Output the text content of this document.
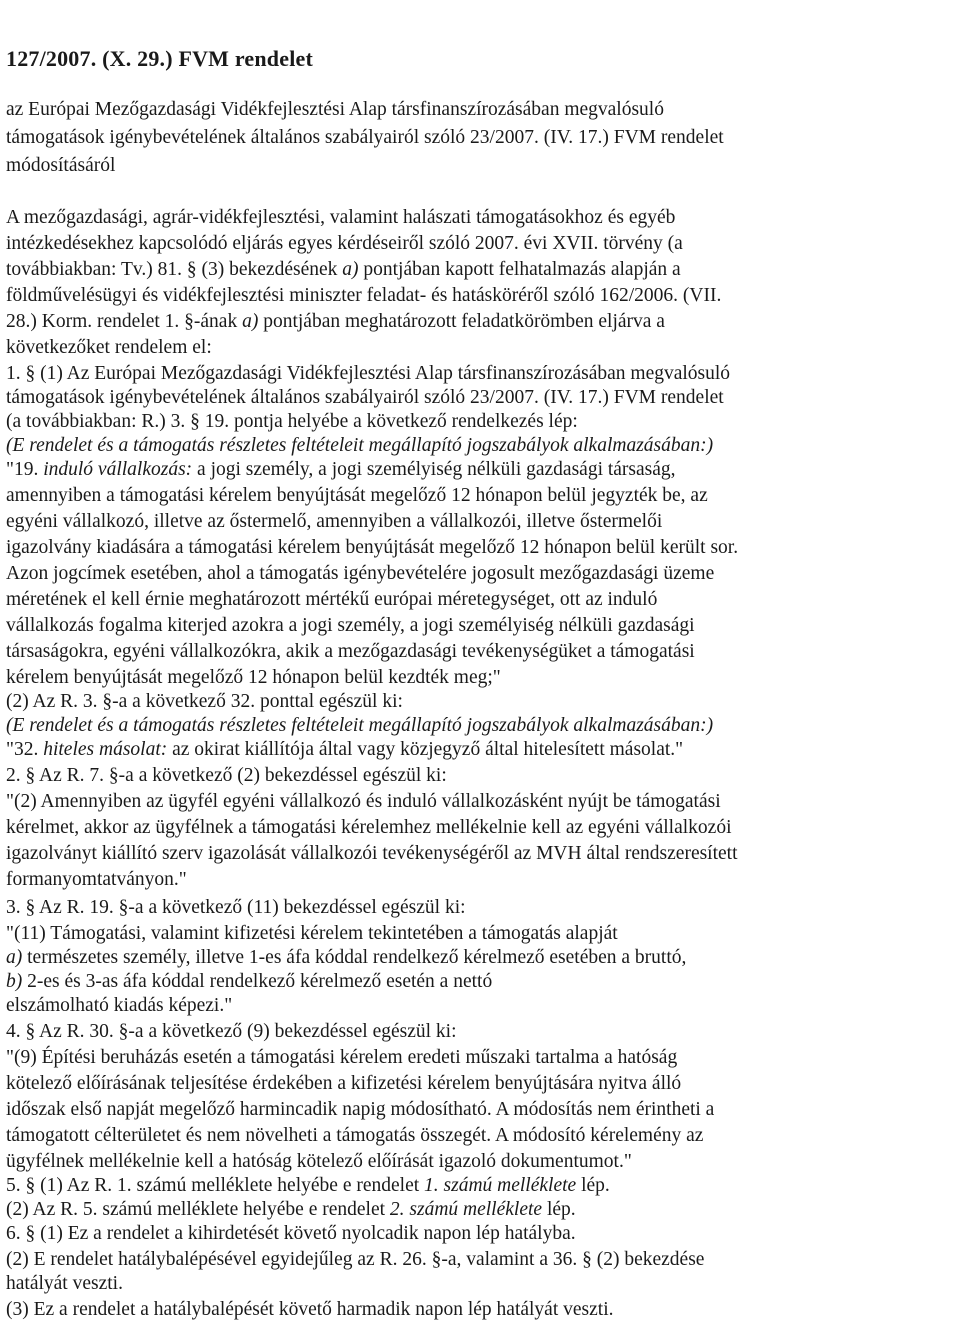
127/2007. (X. 29.) FVM rendelet

az Európai Mezőgazdasági Vidékfejlesztési Alap társfinanszírozásában megvalósuló

támogatások igénybevételének általános szabályairól szóló 23/2007. (IV. 17.) FVM rendelet

módosításáról

A mezőgazdasági, agrár-vidékfejlesztési, valamint halászati támogatásokhoz és egyéb

intézkedésekhez kapcsolódó eljárás egyes kérdéseiről szóló 2007. évi XVII. törvény (a

továbbiakban: Tv.) 81. § (3) bekezdésének a) pontjában kapott felhatalmazás alapján a

földművelésügyi és vidékfejlesztési miniszter feladat- és hatásköréről szóló 162/2006. (VII.

28.) Korm. rendelet 1. §-ának a) pontjában meghatározott feladatkörömben eljárva a

következőket rendelem el:

1. § (1) Az Európai Mezőgazdasági Vidékfejlesztési Alap társfinanszírozásában megvalósuló

támogatások igénybevételének általános szabályairól szóló 23/2007. (IV. 17.) FVM rendelet

(a továbbiakban: R.) 3. § 19. pontja helyébe a következő rendelkezés lép:

(E rendelet és a támogatás részletes feltételeit megállapító jogszabályok alkalmazásában:)

"19. induló vállalkozás: a jogi személy, a jogi személyiség nélküli gazdasági társaság,

amennyiben a támogatási kérelem benyújtását megelőző 12 hónapon belül jegyzték be, az

egyéni vállalkozó, illetve az őstermelő, amennyiben a vállalkozói, illetve őstermelői

igazolvány kiadására a támogatási kérelem benyújtását megelőző 12 hónapon belül került sor.

Azon jogcímek esetében, ahol a támogatás igénybevételére jogosult mezőgazdasági üzeme

méretének el kell érnie meghatározott mértékű európai méretegységet, ott az induló

vállalkozás fogalma kiterjed azokra a jogi személy, a jogi személyiség nélküli gazdasági

társaságokra, egyéni vállalkozókra, akik a mezőgazdasági tevékenységüket a támogatási

kérelem benyújtását megelőző 12 hónapon belül kezdték meg;"

(2) Az R. 3. §-a a következő 32. ponttal egészül ki:

(E rendelet és a támogatás részletes feltételeit megállapító jogszabályok alkalmazásában:)

"32. hiteles másolat: az okirat kiállítója által vagy közjegyző által hitelesített másolat."

2. § Az R. 7. §-a a következő (2) bekezdéssel egészül ki:

"(2) Amennyiben az ügyfél egyéni vállalkozó és induló vállalkozásként nyújt be támogatási

kérelmet, akkor az ügyfélnek a támogatási kérelemhez mellékelnie kell az egyéni vállalkozói

igazolványt kiállító szerv igazolását vállalkozói tevékenységéről az MVH által rendszeresített

formanyomtatványon."

3. § Az R. 19. §-a a következő (11) bekezdéssel egészül ki:

"(11) Támogatási, valamint kifizetési kérelem tekintetében a támogatás alapját

a) természetes személy, illetve 1-es áfa kóddal rendelkező kérelmező esetében a bruttó,

b) 2-es és 3-as áfa kóddal rendelkező kérelmező esetén a nettó

elszámolható kiadás képezi."

4. § Az R. 30. §-a a következő (9) bekezdéssel egészül ki:

"(9) Építési beruházás esetén a támogatási kérelem eredeti műszaki tartalma a hatóság

kötelező előírásának teljesítése érdekében a kifizetési kérelem benyújtására nyitva álló

időszak első napját megelőző harmincadik napig módosítható. A módosítás nem érintheti a

támogatott célterületet és nem növelheti a támogatás összegét. A módosító kérelemény az

ügyfélnek mellékelnie kell a hatóság kötelező előírását igazoló dokumentumot."

5. § (1) Az R. 1. számú melléklete helyébe e rendelet 1. számú melléklete lép.

(2) Az R. 5. számú melléklete helyébe e rendelet 2. számú melléklete lép.

6. § (1) Ez a rendelet a kihirdetését követő nyolcadik napon lép hatályba.

(2) E rendelet hatálybalépésével egyidejűleg az R. 26. §-a, valamint a 36. § (2) bekezdése

hatályát veszti.

(3) Ez a rendelet a hatálybalépését követő harmadik napon lép hatályát veszti.
